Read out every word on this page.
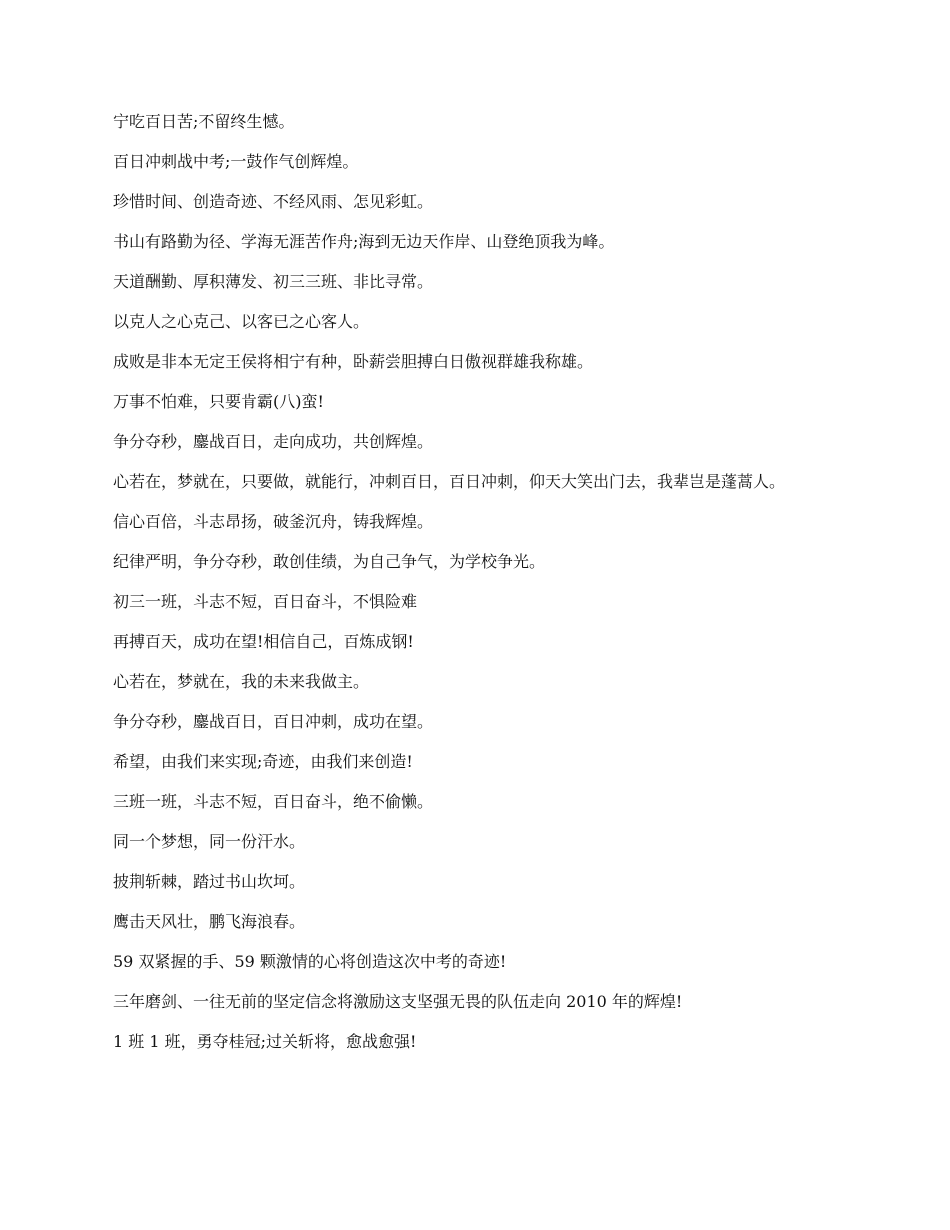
宁吃百日苦;不留终生憾。

百日冲刺战中考;一鼓作气创辉煌。

珍惜时间、创造奇迹、不经风雨、怎见彩虹。

书山有路勤为径、学海无涯苦作舟;海到无边天作岸、山登绝顶我为峰。

天道酬勤、厚积薄发、初三三班、非比寻常。

以克人之心克己、以客已之心客人。

成败是非本无定王侯将相宁有种，卧薪尝胆搏白日傲视群雄我称雄。

万事不怕难，只要肯霸(八)蛮!

争分夺秒，鏖战百日，走向成功，共创辉煌。

心若在，梦就在，只要做，就能行，冲刺百日，百日冲刺，仰天大笑出门去，我辈岂是蓬蒿人。

信心百倍，斗志昂扬，破釜沉舟，铸我辉煌。

纪律严明，争分夺秒，敢创佳绩，为自己争气，为学校争光。

初三一班，斗志不短，百日奋斗，不惧险难

再搏百天，成功在望!相信自己，百炼成钢!

心若在，梦就在，我的未来我做主。

争分夺秒，鏖战百日，百日冲刺，成功在望。

希望，由我们来实现;奇迹，由我们来创造!

三班一班，斗志不短，百日奋斗，绝不偷懒。

同一个梦想，同一份汗水。

披荆斩棘，踏过书山坎坷。

鹰击天风壮，鹏飞海浪春。

59 双紧握的手、59 颗激情的心将创造这次中考的奇迹!

三年磨剑、一往无前的坚定信念将激励这支坚强无畏的队伍走向 2010 年的辉煌!

1 班 1 班，勇夺桂冠;过关斩将，愈战愈强!
